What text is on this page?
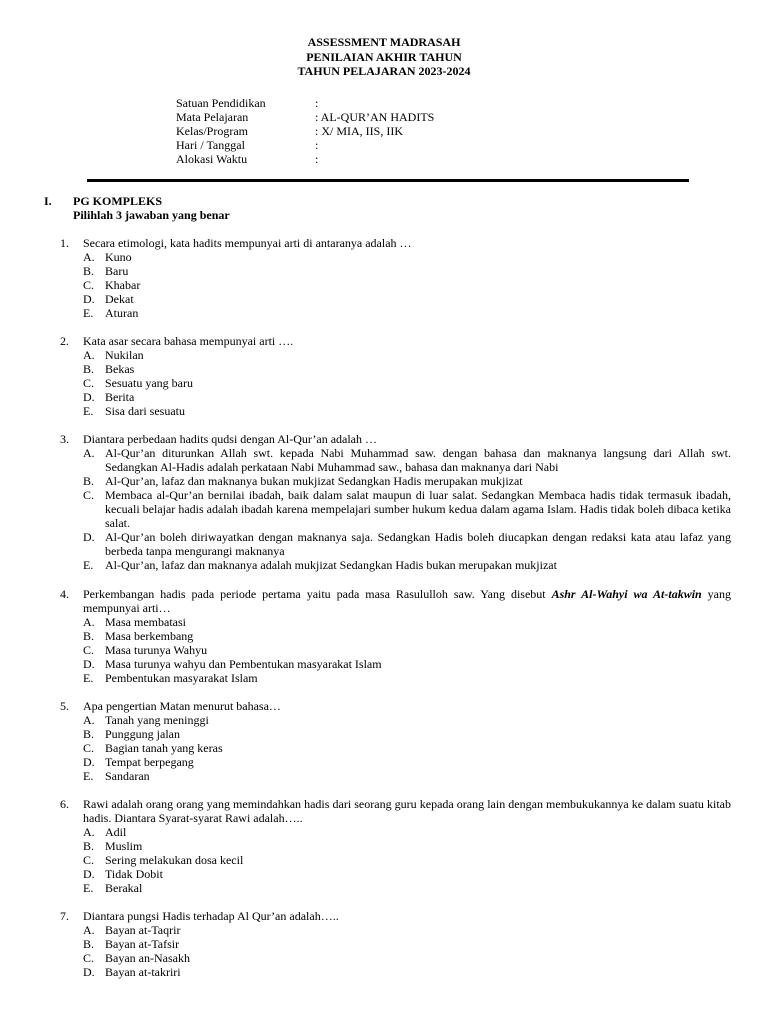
ASSESSMENT MADRASAH
PENILAIAN AKHIR TAHUN
TAHUN PELAJARAN 2023-2024
Satuan Pendidikan	:
Mata Pelajaran	: AL-QUR’AN HADITS
Kelas/Program	: X/ MIA, IIS, IIK
Hari / Tanggal	:
Alokasi Waktu	:
I. PG KOMPLEKS
Pilihlah 3 jawaban yang benar
1.	Secara etimologi, kata hadits mempunyai arti di antaranya adalah …
A. Kuno
B. Baru
C. Khabar
D. Dekat
E. Aturan
2.	Kata asar secara bahasa mempunyai arti ….
A. Nukilan
B. Bekas
C. Sesuatu yang baru
D. Berita
E. Sisa dari sesuatu
3.	Diantara perbedaan hadits qudsi dengan Al-Qur’an adalah …
A. Al-Qur’an diturunkan Allah swt. kepada Nabi Muhammad saw. dengan bahasa dan maknanya langsung dari Allah swt. Sedangkan Al-Hadis adalah perkataan Nabi Muhammad saw., bahasa dan maknanya dari Nabi
B. Al-Qur’an, lafaz dan maknanya bukan mukjizat Sedangkan Hadis merupakan mukjizat
C. Membaca al-Qur’an bernilai ibadah, baik dalam salat maupun di luar salat. Sedangkan Membaca hadis tidak termasuk ibadah, kecuali belajar hadis adalah ibadah karena mempelajari sumber hukum kedua dalam agama Islam. Hadis tidak boleh dibaca ketika salat.
D. Al-Qur’an boleh diriwayatkan dengan maknanya saja. Sedangkan Hadis boleh diucapkan dengan redaksi kata atau lafaz yang berbeda tanpa mengurangi maknanya
E. Al-Qur’an, lafaz dan maknanya adalah mukjizat Sedangkan Hadis bukan merupakan mukjizat
4.	Perkembangan hadis pada periode pertama yaitu pada masa Rasululloh saw. Yang disebut Ashr Al-Wahyi wa At-takwin yang mempunyai arti…
A. Masa membatasi
B. Masa berkembang
C. Masa turunya Wahyu
D. Masa turunya wahyu dan Pembentukan masyarakat Islam
E. Pembentukan masyarakat Islam
5.	Apa pengertian Matan menurut bahasa…
A. Tanah yang meninggi
B. Punggung jalan
C. Bagian tanah yang keras
D. Tempat berpegang
E. Sandaran
6.	Rawi adalah orang orang yang memindahkan hadis dari seorang guru kepada orang lain dengan membukukannya ke dalam suatu kitab hadis. Diantara Syarat-syarat Rawi adalah…..
A. Adil
B. Muslim
C. Sering melakukan dosa kecil
D. Tidak Dobit
E. Berakal
7.	Diantara pungsi Hadis terhadap Al Qur’an adalah…..
A. Bayan at-Taqrir
B. Bayan at-Tafsir
C. Bayan an-Nasakh
D. Bayan at-takriri
